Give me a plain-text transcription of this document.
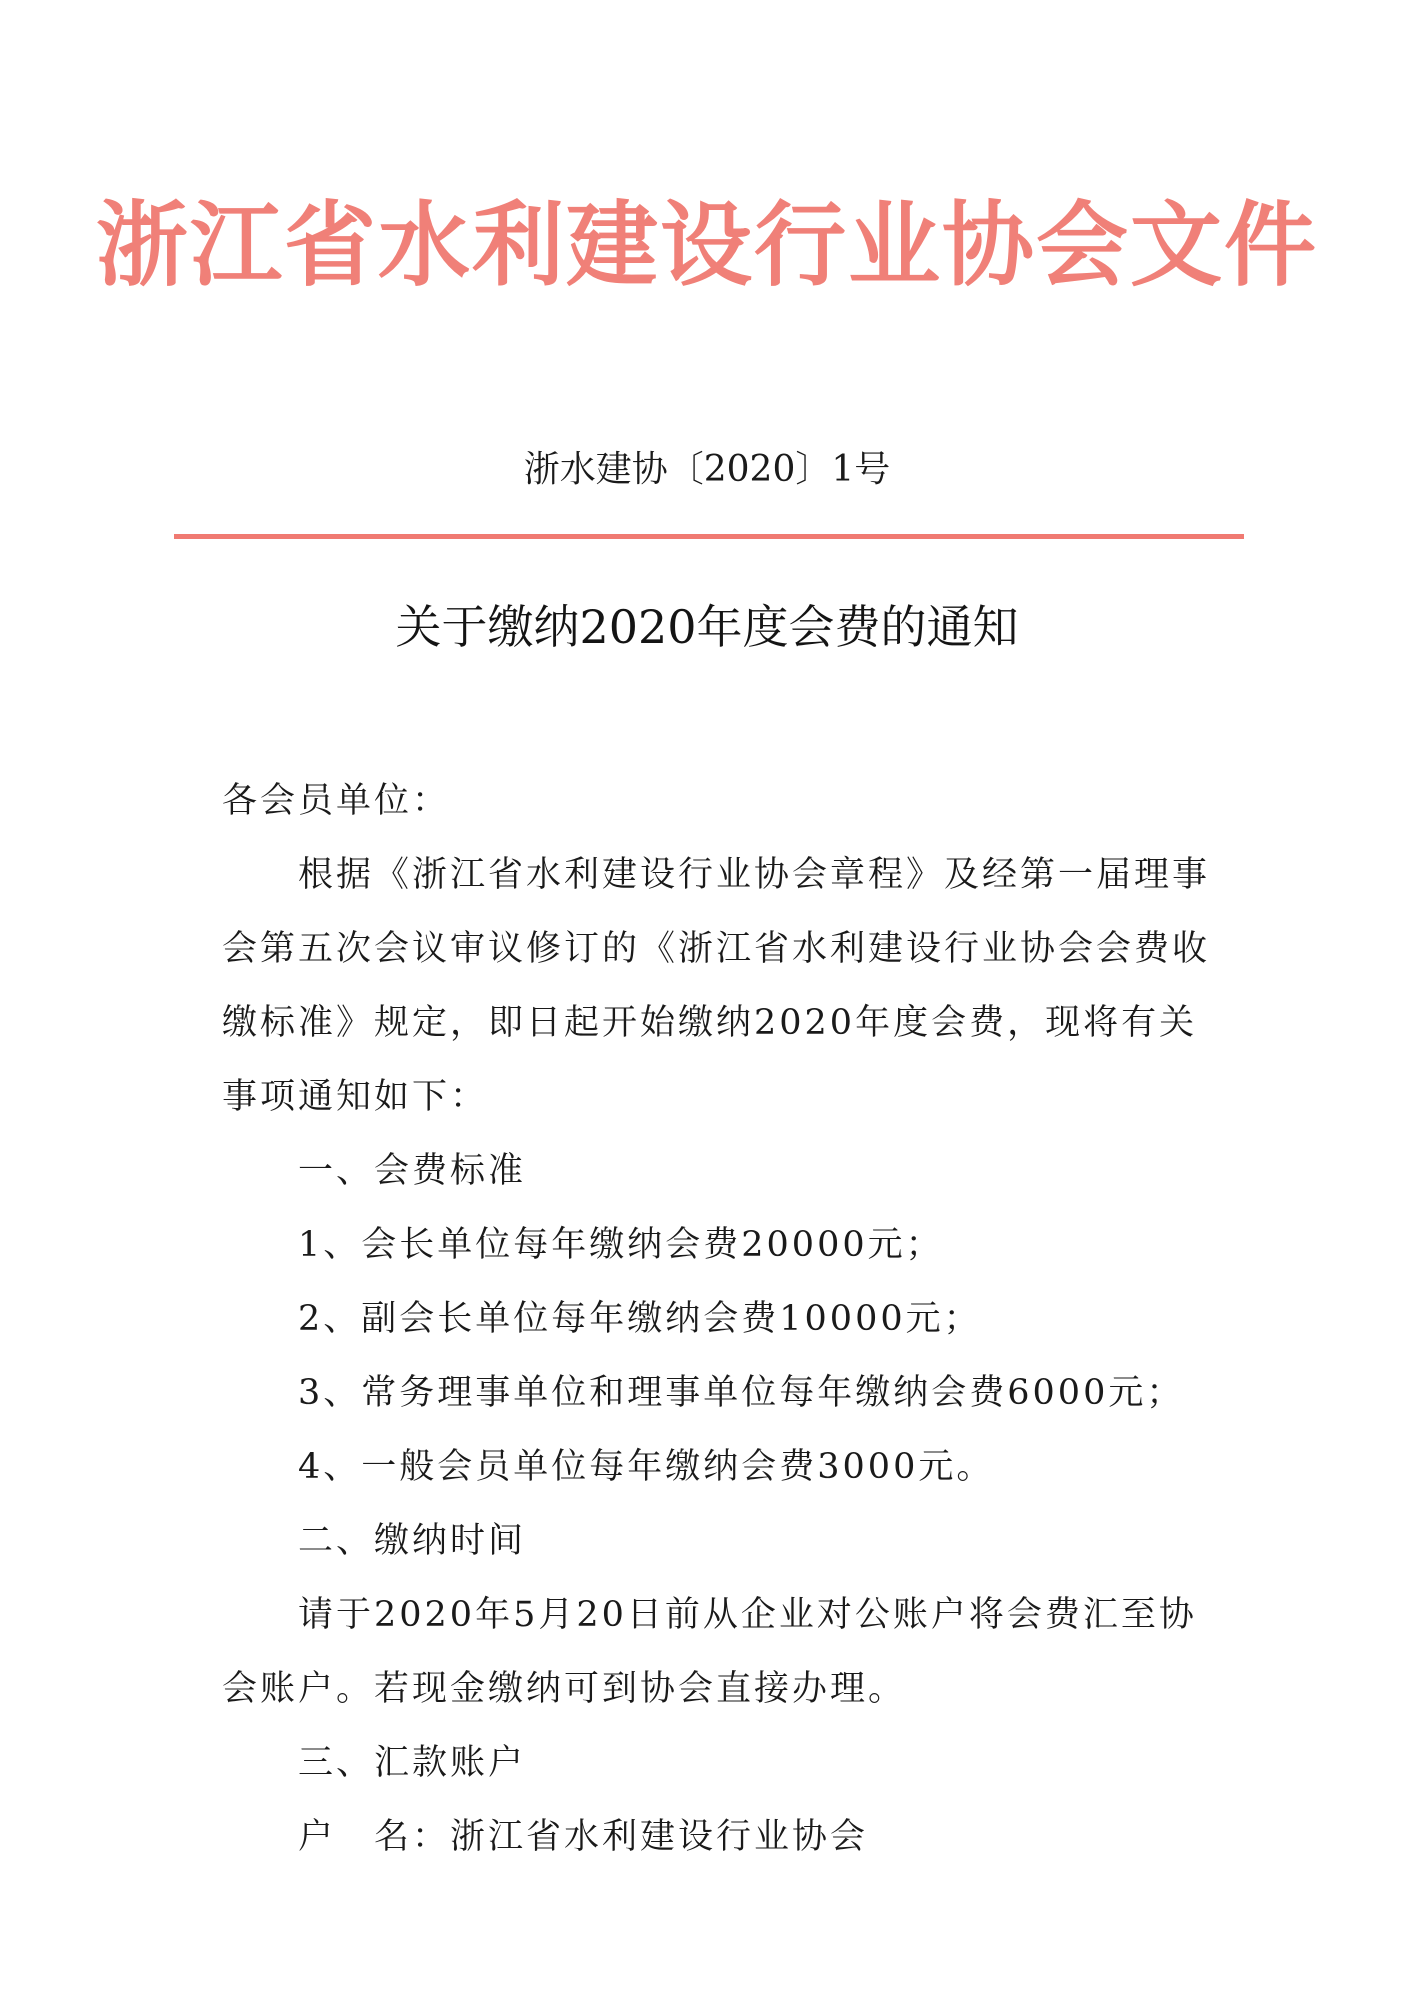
浙江省水利建设行业协会文件
浙水建协〔2020〕1号
关于缴纳2020年度会费的通知
各会员单位：
根据《浙江省水利建设行业协会章程》及经第一届理事
会第五次会议审议修订的《浙江省水利建设行业协会会费收
缴标准》规定，即日起开始缴纳2020年度会费，现将有关
事项通知如下：
一、会费标准
1、会长单位每年缴纳会费20000元；
2、副会长单位每年缴纳会费10000元；
3、常务理事单位和理事单位每年缴纳会费6000元；
4、一般会员单位每年缴纳会费3000元。
二、缴纳时间
请于2020年5月20日前从企业对公账户将会费汇至协
会账户。若现金缴纳可到协会直接办理。
三、汇款账户
户　名：浙江省水利建设行业协会
